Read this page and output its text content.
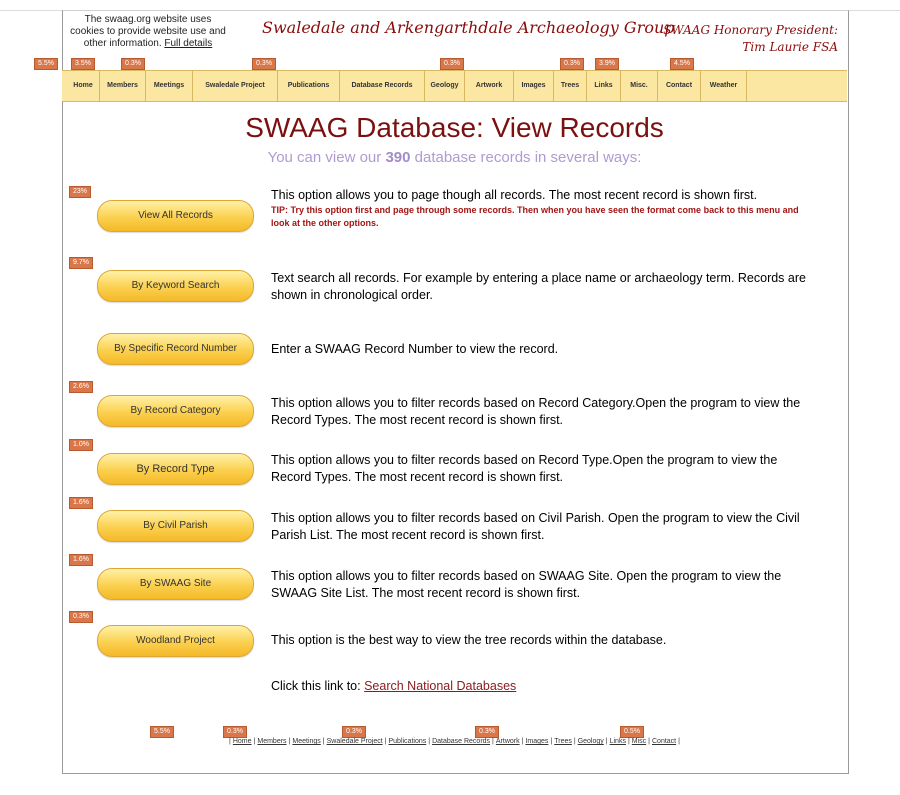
The swaag.org website uses cookies to provide website use and other information. Full details
Swaledale and Arkengarthdale Archaeology Group
SWAAG Honorary President:
Tim Laurie FSA
5.5%	3.5%	0.3%	0.3%	0.3%	0.3%	3.9%	4.5%
Home	Members	Meetings	Swaledale Project	Publications	Database Records	Geology	Artwork	Images	Trees	Links	Misc.	Contact	Weather
SWAAG Database: View Records
You can view our 390 database records in several ways:
23%
View All Records
This option allows you to page though all records. The most recent record is shown first.
TIP: Try this option first and page through some records. Then when you have seen the format come back to this menu and look at the other options.
9.7%
By Keyword Search
Text search all records. For example by entering a place name or archaeology term. Records are shown in chronological order.
By Specific Record Number	Enter a SWAAG Record Number to view the record.
2.6%
By Record Category
This option allows you to filter records based on Record Category.Open the program to view the Record Types. The most recent record is shown first.
1.0%
By Record Type
This option allows you to filter records based on Record Type.Open the program to view the Record Types. The most recent record is shown first.
1.6%
By Civil Parish
This option allows you to filter records based on Civil Parish. Open the program to view the Civil Parish List. The most recent record is shown first.
1.6%
By SWAAG Site
This option allows you to filter records based on SWAAG Site. Open the program to view the SWAAG Site List. The most recent record is shown first.
0.3%
Woodland Project	This option is the best way to view the tree records within the database.
Click this link to: Search National Databases
5.5%	0.3%	0.3%	0.3%	0.5%
| Home | Members | Meetings | Swaledale Project | Publications | Database Records | Artwork | Images | Trees | Geology | Links | Misc | Contact |
